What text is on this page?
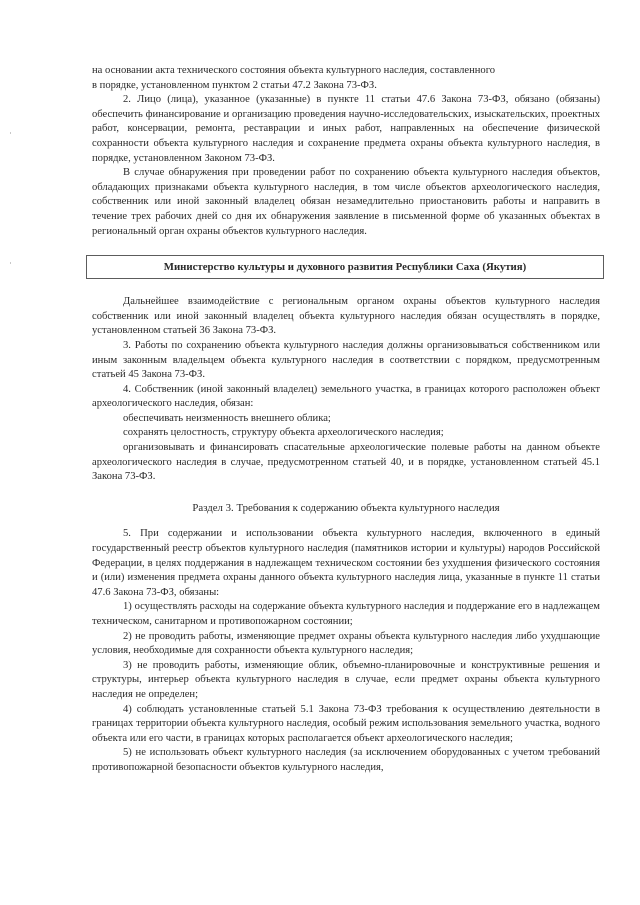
на основании акта технического состояния объекта культурного наследия, составленного

в порядке, установленном пунктом 2 статьи 47.2 Закона 73-ФЗ.

2. Лицо (лица), указанное (указанные) в пункте 11 статьи 47.6 Закона 73-ФЗ, обязано (обязаны) обеспечить финансирование и организацию проведения научно-исследовательских, изыскательских, проектных работ, консервации, ремонта, реставрации и иных работ, направленных на обеспечение физической сохранности объекта культурного наследия и сохранение предмета охраны объекта культурного наследия, в порядке, установленном Законом 73-ФЗ.

В случае обнаружения при проведении работ по сохранению объекта культурного наследия объектов, обладающих признаками объекта культурного наследия, в том числе объектов археологического наследия, собственник или иной законный владелец обязан незамедлительно приостановить работы и направить в течение трех рабочих дней со дня их обнаружения заявление в письменной форме об указанных объектах в региональный орган охраны объектов культурного наследия.

Министерство культуры и духовного развития Республики Саха (Якутия)

Дальнейшее взаимодействие с региональным органом охраны объектов культурного наследия собственник или иной законный владелец объекта культурного наследия обязан осуществлять в порядке, установленном статьей 36 Закона 73-ФЗ.

3. Работы по сохранению объекта культурного наследия должны организовываться собственником или иным законным владельцем объекта культурного наследия в соответствии с порядком, предусмотренным статьей 45 Закона 73-ФЗ.

4. Собственник (иной законный владелец) земельного участка, в границах которого расположен объект археологического наследия, обязан:

обеспечивать неизменность внешнего облика;

сохранять целостность, структуру объекта археологического наследия;

организовывать и финансировать спасательные археологические полевые работы на данном объекте археологического наследия в случае, предусмотренном статьей 40, и в порядке, установленном статьей 45.1 Закона 73-ФЗ.

Раздел 3. Требования к содержанию объекта культурного наследия

5. При содержании и использовании объекта культурного наследия, включенного в единый государственный реестр объектов культурного наследия (памятников истории и культуры) народов Российской Федерации, в целях поддержания в надлежащем техническом состоянии без ухудшения физического состояния и (или) изменения предмета охраны данного объекта культурного наследия лица, указанные в пункте 11 статьи 47.6 Закона 73-ФЗ, обязаны:

1) осуществлять расходы на содержание объекта культурного наследия и поддержание его в надлежащем техническом, санитарном и противопожарном состоянии;

2) не проводить работы, изменяющие предмет охраны объекта культурного наследия либо ухудшающие условия, необходимые для сохранности объекта культурного наследия;

3) не проводить работы, изменяющие облик, объемно-планировочные и конструктивные решения и структуры, интерьер объекта культурного наследия в случае, если предмет охраны объекта культурного наследия не определен;

4) соблюдать установленные статьей 5.1 Закона 73-ФЗ требования к осуществлению деятельности в границах территории объекта культурного наследия, особый режим использования земельного участка, водного объекта или его части, в границах которых располагается объект археологического наследия;

5) не использовать объект культурного наследия (за исключением оборудованных с учетом требований противопожарной безопасности объектов культурного наследия,
